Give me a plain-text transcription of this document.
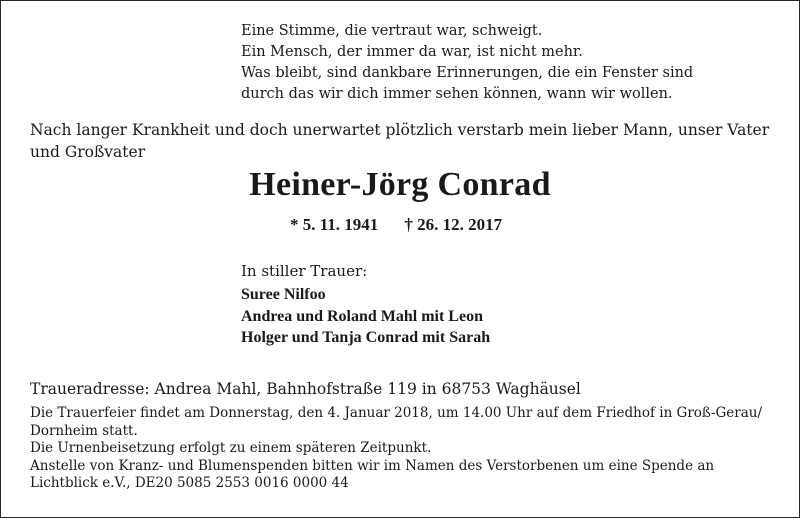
Eine Stimme, die vertraut war, schweigt.
Ein Mensch, der immer da war, ist nicht mehr.
Was bleibt, sind dankbare Erinnerungen, die ein Fenster sind
durch das wir dich immer sehen können, wann wir wollen.
Nach langer Krankheit und doch unerwartet plötzlich verstarb mein lieber Mann, unser Vater
und Großvater
Heiner-Jörg Conrad
* 5. 11. 1941 † 26. 12. 2017
In stiller Trauer:
Suree Nilfoo
Andrea und Roland Mahl mit Leon
Holger und Tanja Conrad mit Sarah
Traueradresse: Andrea Mahl, Bahnhofstraße 119 in 68753 Waghäusel

Die Trauerfeier findet am Donnerstag, den 4. Januar 2018, um 14.00 Uhr auf dem Friedhof in Groß-Gerau/

Dornheim statt.

Die Urnenbeisetzung erfolgt zu einem späteren Zeitpunkt.

Anstelle von Kranz- und Blumenspenden bitten wir im Namen des Verstorbenen um eine Spende an

Lichtblick e.V., DE20 5085 2553 0016 0000 44
